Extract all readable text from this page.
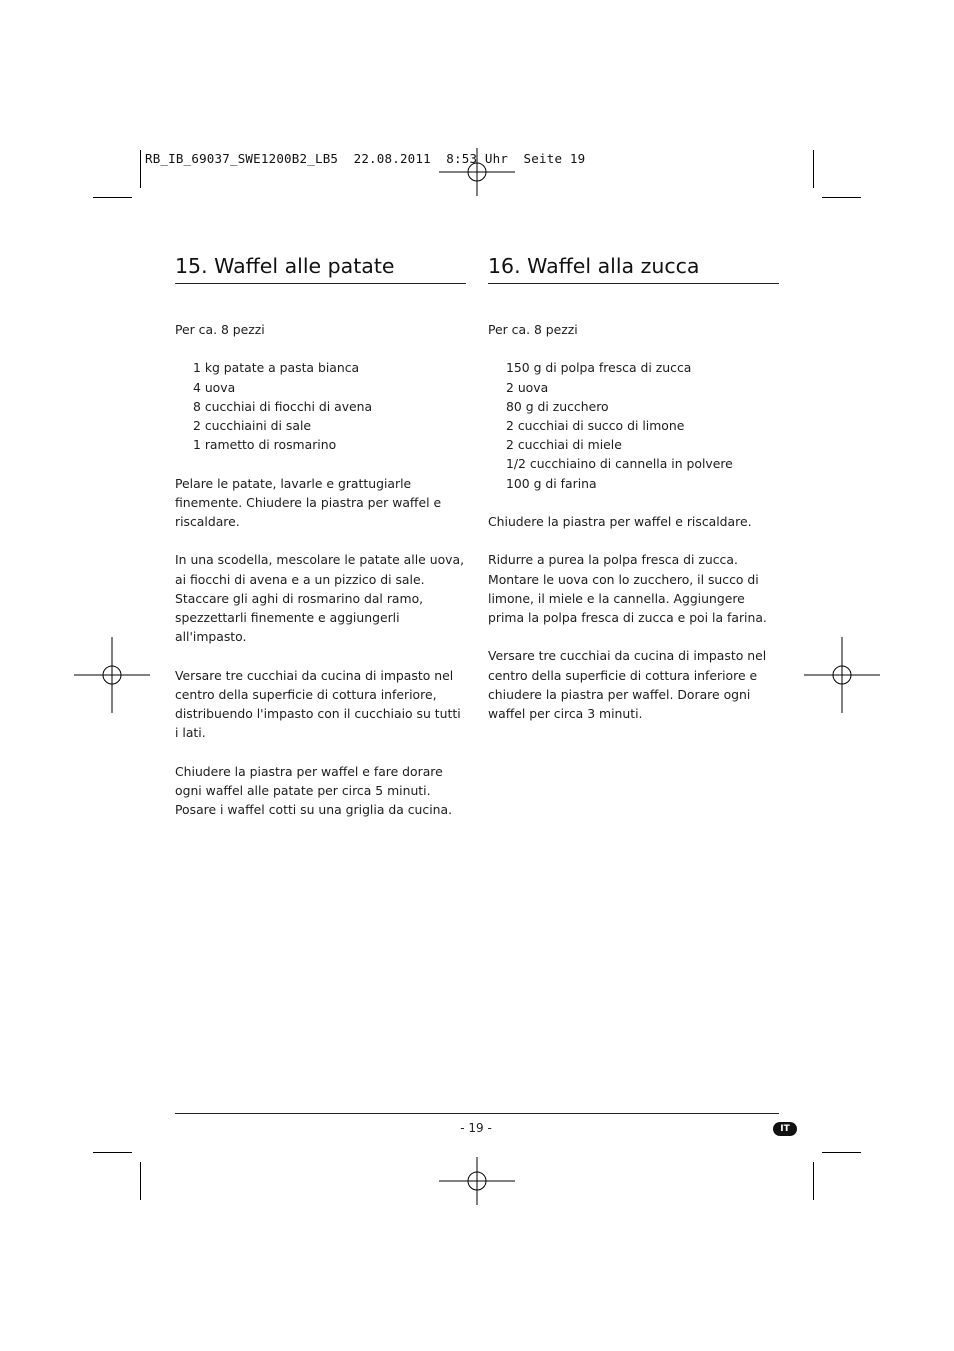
RB_IB_69037_SWE1200B2_LB5  22.08.2011  8:53 Uhr  Seite 19
15. Waffel alle patate
Per ca. 8 pezzi
1 kg patate a pasta bianca
4 uova
8 cucchiai di fiocchi di avena
2 cucchiaini di sale
1 rametto di rosmarino

Pelare le patate, lavarle e grattugiarle finemente. Chiudere la piastra per waffel e riscaldare.

In una scodella, mescolare le patate alle uova, ai fiocchi di avena e a un pizzico di sale. Staccare gli aghi di rosmarino dal ramo, spezzettarli finemente e aggiungerli all'impasto.

Versare tre cucchiai da cucina di impasto nel centro della superficie di cottura inferiore, distribuendo l'impasto con il cucchiaio su tutti i lati.

Chiudere la piastra per waffel e fare dorare ogni waffel alle patate per circa 5 minuti. Posare i waffel cotti su una griglia da cucina.

16. Waffel alla zucca
Per ca. 8 pezzi
150 g di polpa fresca di zucca
2 uova
80 g di zucchero
2 cucchiai di succo di limone
2 cucchiai di miele
1/2 cucchiaino di cannella in polvere
100 g di farina

Chiudere la piastra per waffel e riscaldare.

Ridurre a purea la polpa fresca di zucca. Montare le uova con lo zucchero, il succo di limone, il miele e la cannella. Aggiungere prima la polpa fresca di zucca e poi la farina.

Versare tre cucchiai da cucina di impasto nel centro della superficie di cottura inferiore e chiudere la piastra per waffel. Dorare ogni waffel per circa 3 minuti.

- 19 -	IT
